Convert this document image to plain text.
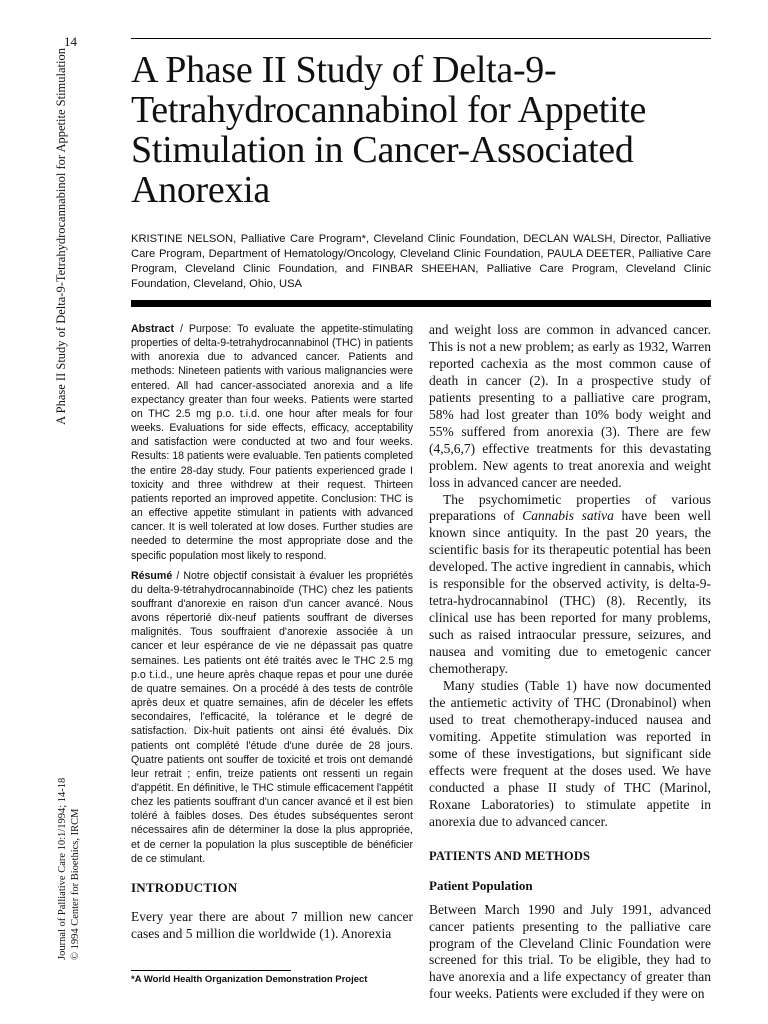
14
A Phase II Study of Delta-9-Tetrahydrocannabinol for Appetite Stimulation
Journal of Palliative Care 10:1/1994; 14-18 © 1994 Center for Bioethics, IRCM
A Phase II Study of Delta-9-
Tetrahydrocannabinol for Appetite
Stimulation in Cancer-Associated
Anorexia
KRISTINE NELSON, Palliative Care Program*, Cleveland Clinic Foundation, DECLAN WALSH, Director, Palliative Care Program, Department of Hematology/Oncology, Cleveland Clinic Foundation, PAULA DEETER, Palliative Care Program, Cleveland Clinic Foundation, and FINBAR SHEEHAN, Palliative Care Program, Cleveland Clinic Foundation, Cleveland, Ohio, USA
Abstract / Purpose: To evaluate the appetite-stimulating properties of delta-9-tetrahydrocannabinol (THC) in patients with anorexia due to advanced cancer. Patients and methods: Nineteen patients with various malignancies were entered. All had cancer-associated anorexia and a life expectancy greater than four weeks. Patients were started on THC 2.5 mg p.o. t.i.d. one hour after meals for four weeks. Evaluations for side effects, efficacy, acceptability and satisfaction were conducted at two and four weeks. Results: 18 patients were evaluable. Ten patients completed the entire 28-day study. Four patients experienced grade I toxicity and three withdrew at their request. Thirteen patients reported an improved appetite. Conclusion: THC is an effective appetite stimulant in patients with advanced cancer. It is well tolerated at low doses. Further studies are needed to determine the most appropriate dose and the specific population most likely to respond.
Résumé / Notre objectif consistait à évaluer les propriétés du delta-9-tétrahydrocannabinoïde (THC) chez les patients souffrant d'anorexie en raison d'un cancer avancé. Nous avons répertorié dix-neuf patients souffrant de diverses malignités. Tous souffraient d'anorexie associée à un cancer et leur espérance de vie ne dépassait pas quatre semaines. Les patients ont été traités avec le THC 2.5 mg p.o t.i.d., une heure après chaque repas et pour une durée de quatre semaines. On a procédé à des tests de contrôle après deux et quatre semaines, afin de déceler les effets secondaires, l'efficacité, la tolérance et le degré de satisfaction. Dix-huit patients ont ainsi été évalués. Dix patients ont complété l'étude d'une durée de 28 jours. Quatre patients ont souffer de toxicité et trois ont demandé leur retrait ; enfin, treize patients ont ressenti un regain d'appétit. En définitive, le THC stimule efficacement l'appétit chez les patients souffrant d'un cancer avancé et il est bien toléré à faibles doses. Des études subséquentes seront nécessaires afin de déterminer la dose la plus appropriée, et de cerner la population la plus susceptible de bénéficier de ce stimulant.
INTRODUCTION
Every year there are about 7 million new cancer cases and 5 million die worldwide (1). Anorexia
*A World Health Organization Demonstration Project

and weight loss are common in advanced cancer. This is not a new problem; as early as 1932, Warren reported cachexia as the most common cause of death in cancer (2). In a prospective study of patients presenting to a palliative care program, 58% had lost greater than 10% body weight and 55% suffered from anorexia (3). There are few (4,5,6,7) effective treatments for this devastating problem. New agents to treat anorexia and weight loss in advanced cancer are needed.

The psychomimetic properties of various preparations of Cannabis sativa have been well known since antiquity. In the past 20 years, the scientific basis for its therapeutic potential has been developed. The active ingredient in cannabis, which is responsible for the observed activity, is delta-9-tetra-hydrocannabinol (THC) (8). Recently, its clinical use has been reported for many problems, such as raised intraocular pressure, seizures, and nausea and vomiting due to emetogenic cancer chemotherapy.

Many studies (Table 1) have now documented the antiemetic activity of THC (Dronabinol) when used to treat chemotherapy-induced nausea and vomiting. Appetite stimulation was reported in some of these investigations, but significant side effects were frequent at the doses used. We have conducted a phase II study of THC (Marinol, Roxane Laboratories) to stimulate appetite in anorexia due to advanced cancer.

PATIENTS AND METHODS
Patient Population

Between March 1990 and July 1991, advanced cancer patients presenting to the palliative care program of the Cleveland Clinic Foundation were screened for this trial. To be eligible, they had to have anorexia and a life expectancy of greater than four weeks. Patients were excluded if they were on
